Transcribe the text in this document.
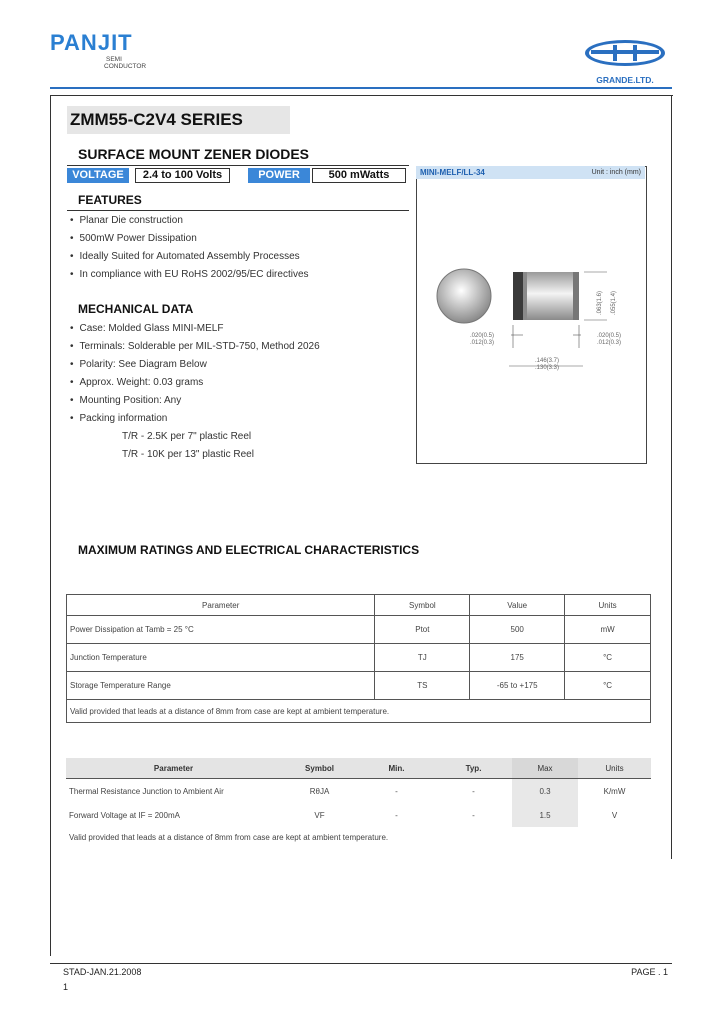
PANJIT
SEMI
CONDUCTOR
GRANDE.LTD.
ZMM55-C2V4 SERIES
SURFACE MOUNT ZENER DIODES
VOLTAGE	2.4 to 100 Volts	POWER	500 mWatts
FEATURES
• Planar Die construction
• 500mW Power Dissipation
• Ideally Suited for Automated Assembly Processes
• In compliance with EU RoHS 2002/95/EC directives
MECHANICAL DATA
• Case: Molded Glass MINI-MELF
• Terminals: Solderable per MIL-STD-750, Method 2026
• Polarity: See Diagram Below
• Approx. Weight: 0.03 grams
• Mounting Position: Any
• Packing information
T/R - 2.5K per 7" plastic Reel
T/R - 10K per 13" plastic Reel
MINI-MELF/LL-34	Unit : inch (mm)
.063(1.6) .055(1.4)
.020(0.5)
.012(0.3)
.020(0.5)
.012(0.3)
.146(3.7)
.130(3.3)
MAXIMUM RATINGS AND ELECTRICAL CHARACTERISTICS
Parameter	Symbol	Value	Units
Power Dissipation at Tamb = 25 °C	Ptot	500	mW
Junction Temperature	TJ	175	°C
Storage Temperature Range	TS	-65 to +175	°C
Valid provided that leads at a distance of 8mm from case are kept at ambient temperature.			
Parameter	Symbol	Min.	Typ.	Max	Units
Thermal Resistance Junction to Ambient Air	RθJA	-	-	0.3	K/mW
Forward Voltage at IF = 200mA	VF	-	-	1.5	V
Valid provided that leads at a distance of 8mm from case are kept at ambient temperature.					
STAD-JAN.21.2008
1
PAGE . 1
